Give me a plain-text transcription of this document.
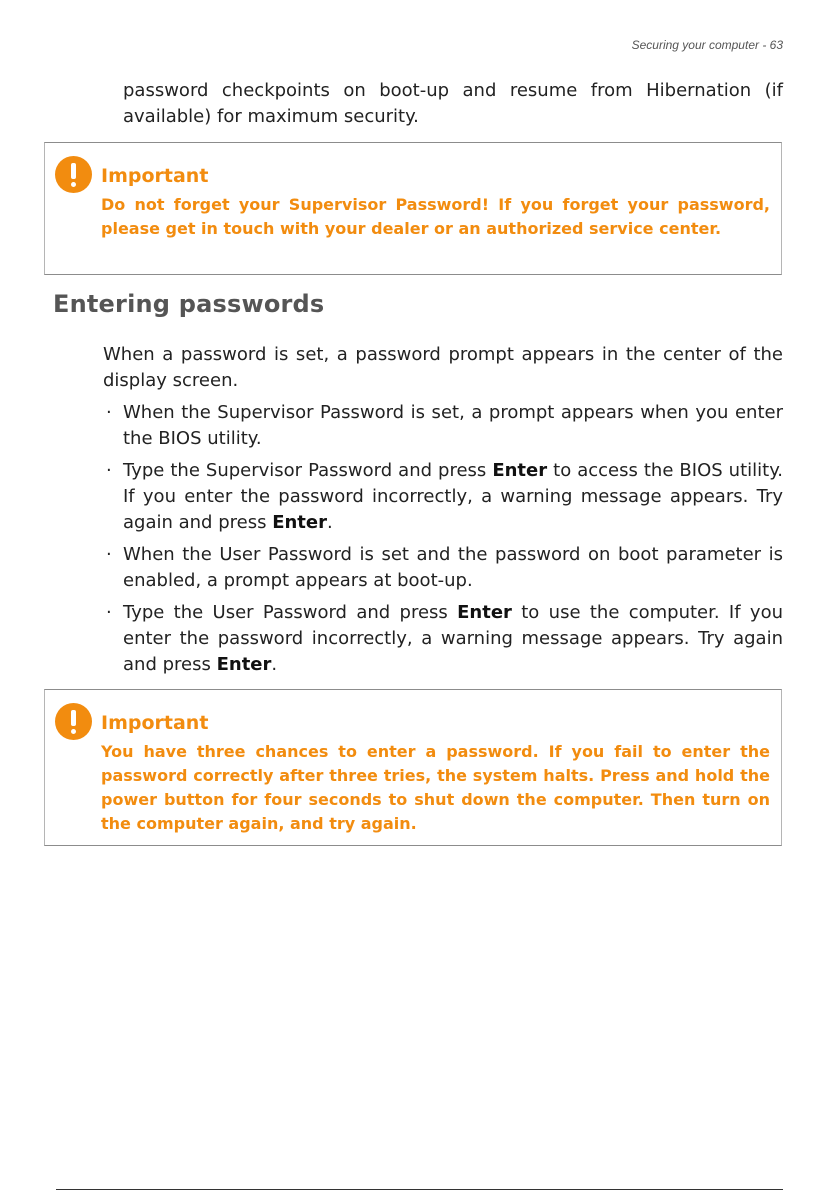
Securing your computer - 63

password checkpoints on boot-up and resume from Hibernation (if available) for maximum security.

Important

Do not forget your Supervisor Password! If you forget your password, please get in touch with your dealer or an authorized service center.

Entering passwords

When a password is set, a password prompt appears in the center of the display screen.

· When the Supervisor Password is set, a prompt appears when you enter the BIOS utility.
· Type the Supervisor Password and press Enter to access the BIOS utility. If you enter the password incorrectly, a warning message appears. Try again and press Enter.
· When the User Password is set and the password on boot parameter is enabled, a prompt appears at boot-up.
· Type the User Password and press Enter to use the computer. If you enter the password incorrectly, a warning message appears. Try again and press Enter.
Important

You have three chances to enter a password. If you fail to enter the password correctly after three tries, the system halts. Press and hold the power button for four seconds to shut down the computer. Then turn on the computer again, and try again.
